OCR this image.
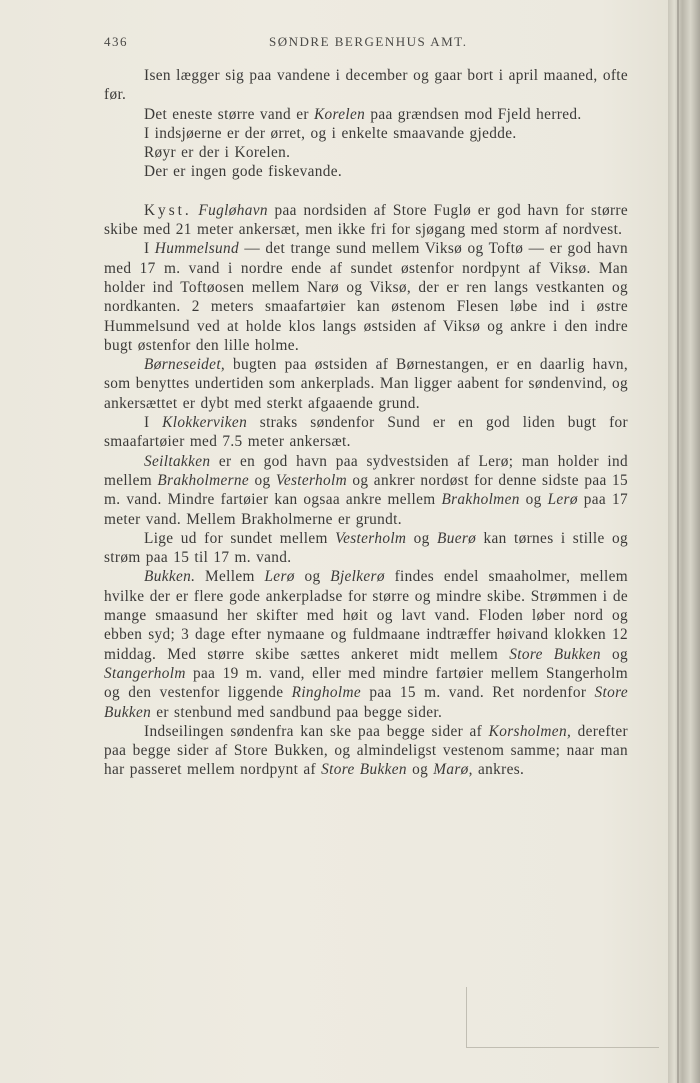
436	SØNDRE BERGENHUS AMT.

Isen lægger sig paa vandene i december og gaar bort i april maaned, ofte før.

Det eneste større vand er Korelen paa grændsen mod Fjeld herred.

I indsjøerne er der ørret, og i enkelte smaavande gjedde.

Røyr er der i Korelen.

Der er ingen gode fiskevande.

Kyst. Fugløhavn paa nordsiden af Store Fuglø er god havn for større skibe med 21 meter ankersæt, men ikke fri for sjøgang med storm af nordvest.

I Hummelsund — det trange sund mellem Viksø og Toftø — er god havn med 17 m. vand i nordre ende af sundet østenfor nordpynt af Viksø. Man holder ind Toftøosen mellem Narø og Viksø, der er ren langs vestkanten og nordkanten. 2 meters smaafartøier kan østenom Flesen løbe ind i østre Hummelsund ved at holde klos langs østsiden af Viksø og ankre i den indre bugt østenfor den lille holme.

Børneseidet, bugten paa østsiden af Børnestangen, er en daarlig havn, som benyttes undertiden som ankerplads. Man ligger aabent for søndenvind, og ankersættet er dybt med sterkt afgaaende grund.

I Klokkerviken straks søndenfor Sund er en god liden bugt for smaafartøier med 7.5 meter ankersæt.

Seiltakken er en god havn paa sydvestsiden af Lerø; man holder ind mellem Brakholmerne og Vesterholm og ankrer nordøst for denne sidste paa 15 m. vand. Mindre fartøier kan ogsaa ankre mellem Brakholmen og Lerø paa 17 meter vand. Mellem Brakholmerne er grundt.

Lige ud for sundet mellem Vesterholm og Buerø kan tørnes i stille og strøm paa 15 til 17 m. vand.

Bukken. Mellem Lerø og Bjelkerø findes endel smaaholmer, mellem hvilke der er flere gode ankerpladse for større og mindre skibe. Strømmen i de mange smaasund her skifter med høit og lavt vand. Floden løber nord og ebben syd; 3 dage efter nymaane og fuldmaane indtræffer høivand klokken 12 middag. Med større skibe sættes ankeret midt mellem Store Bukken og Stangerholm paa 19 m. vand, eller med mindre fartøier mellem Stangerholm og den vestenfor liggende Ringholme paa 15 m. vand. Ret nordenfor Store Bukken er stenbund med sandbund paa begge sider.

Indseilingen søndenfra kan ske paa begge sider af Korsholmen, derefter paa begge sider af Store Bukken, og almindeligst vestenom samme; naar man har passeret mellem nordpynt af Store Bukken og Marø, ankres.
